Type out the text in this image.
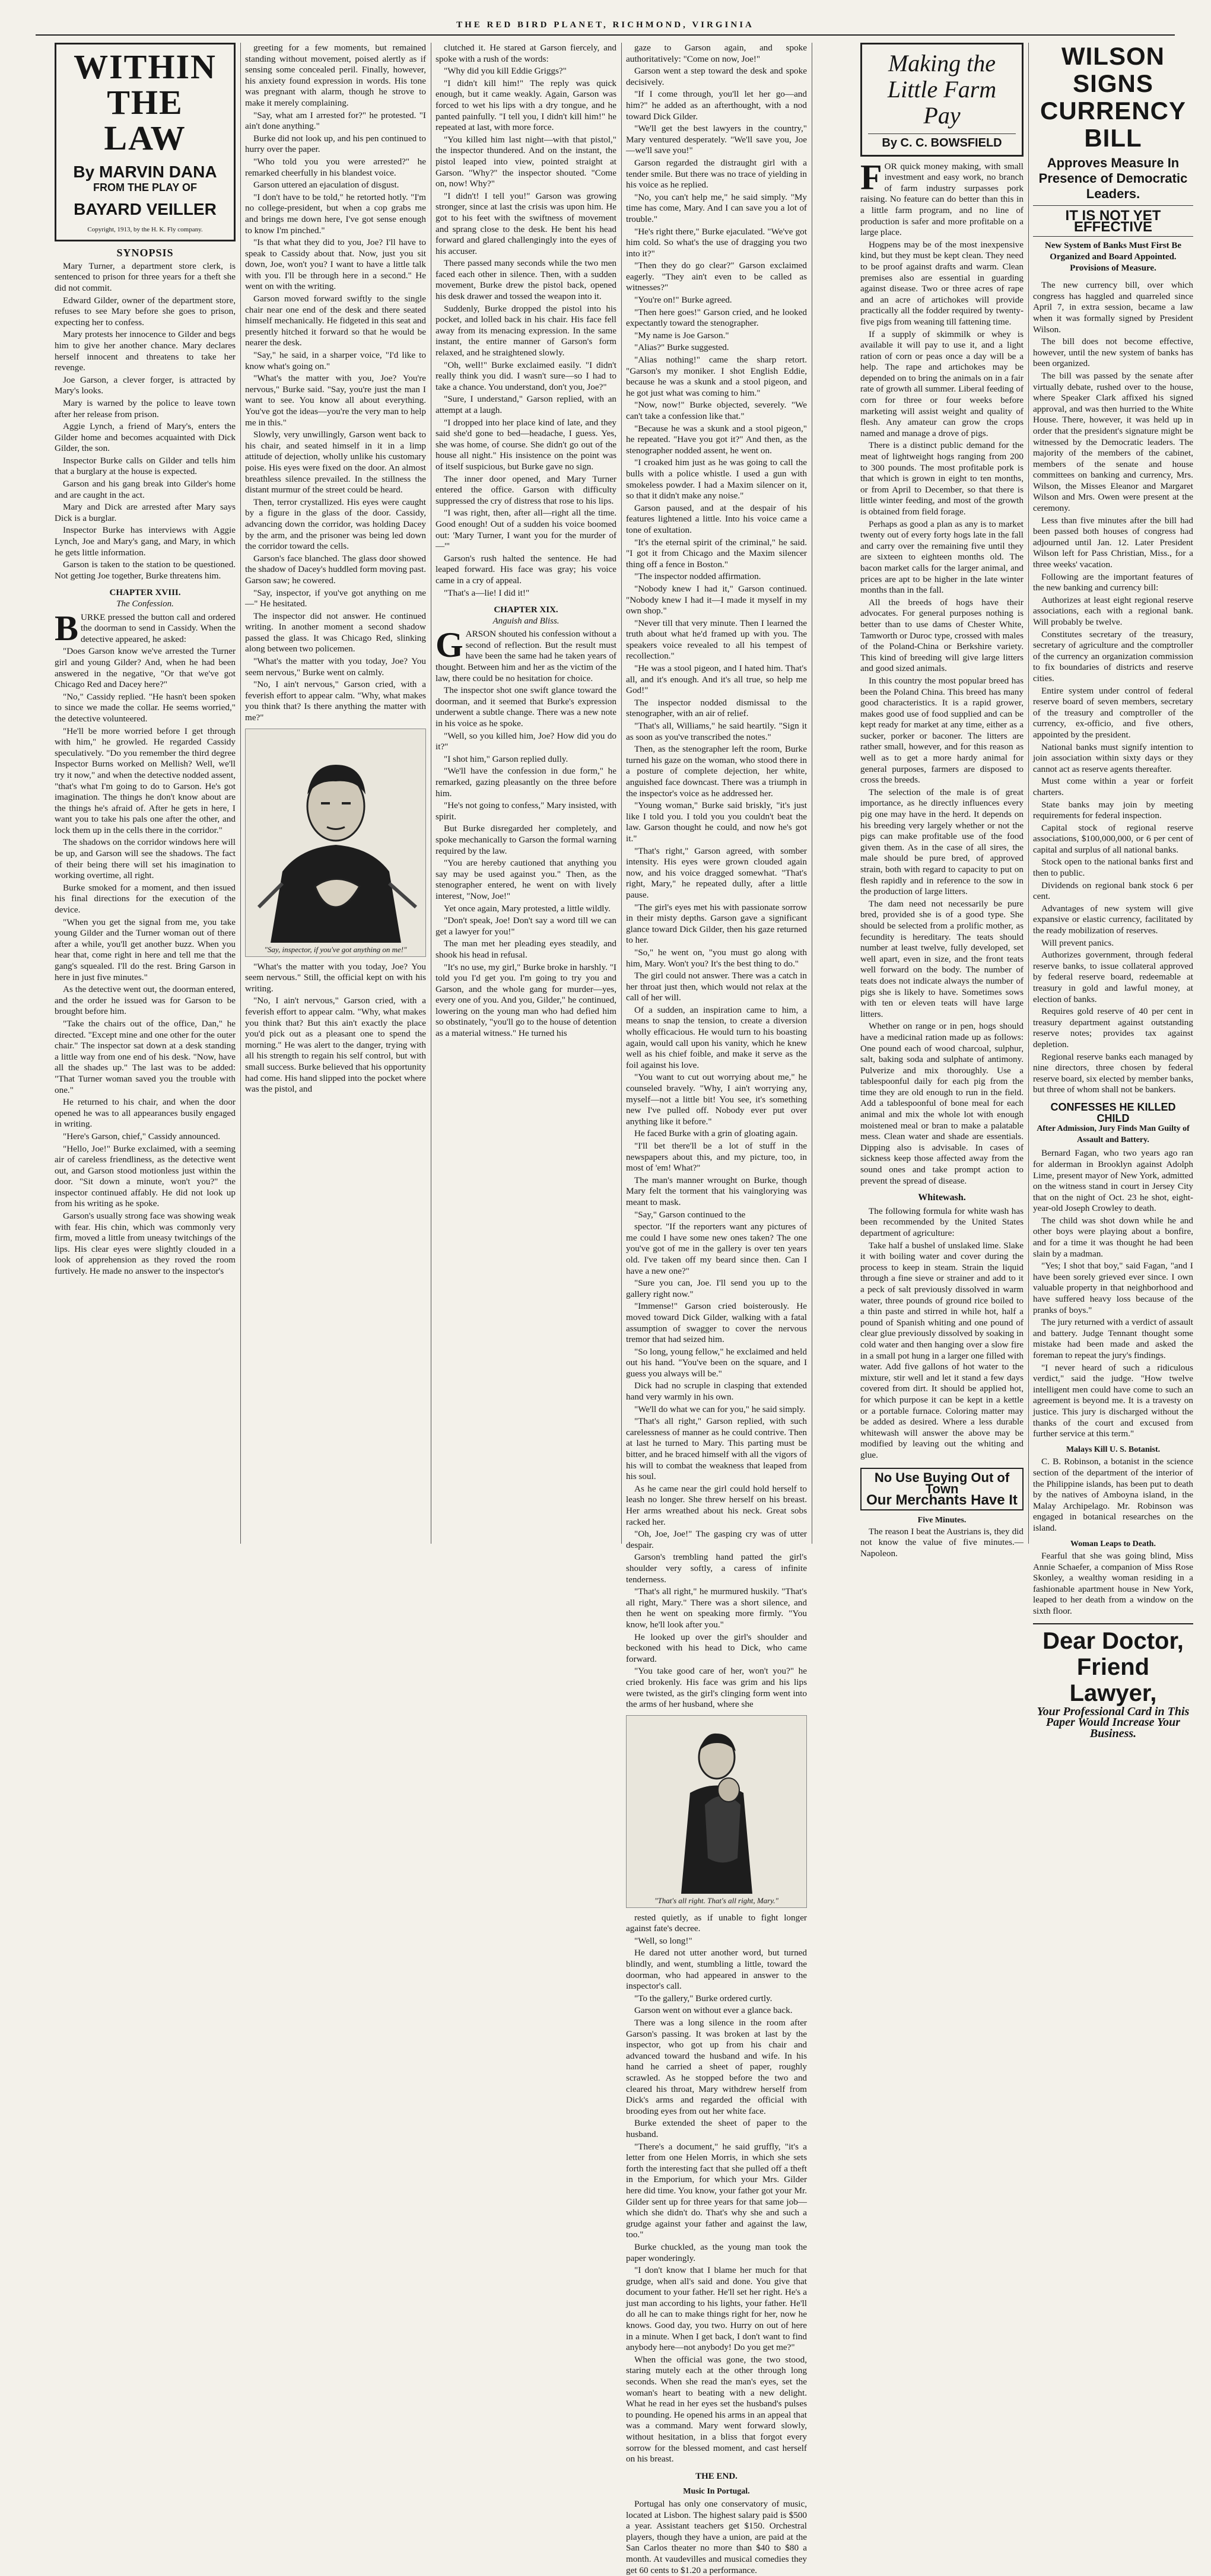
THE RED BIRD PLANET, RICHMOND, VIRGINIA
WITHIN
THE LAW
By MARVIN DANA
FROM THE PLAY OF
BAYARD VEILLER
Copyright, 1913, by the H. K. Fly company.
SYNOPSIS

Mary Turner, a department store clerk, is sentenced to prison for three years for a theft she did not commit.

Edward Gilder, owner of the department store, refuses to see Mary before she goes to prison, expecting her to confess.

Mary protests her innocence to Gilder and begs him to give her another chance. Mary declares herself innocent and threatens to take her revenge.

Joe Garson, a clever forger, is attracted by Mary's looks.

Mary is warned by the police to leave town after her release from prison.

Aggie Lynch, a friend of Mary's, enters the Gilder home and becomes acquainted with Dick Gilder, the son.

Inspector Burke calls on Gilder and tells him that a burglary at the house is expected.

Garson and his gang break into Gilder's home and are caught in the act.

Mary and Dick are arrested after Mary says Dick is a burglar.

Inspector Burke has interviews with Aggie Lynch, Joe and Mary's gang, and Mary, in which he gets little information.

Garson is taken to the station to be questioned. Not getting Joe together, Burke threatens him.

CHAPTER XVIII.
The Confession.

BURKE pressed the button call and ordered the doorman to send in Cassidy. When the detective appeared, he asked:

"Does Garson know we've arrested the Turner girl and young Gilder? And, when he had been answered in the negative, "Or that we've got Chicago Red and Dacey here?"

"No," Cassidy replied. "He hasn't been spoken to since we made the collar. He seems worried," the detective volunteered.

"He'll be more worried before I get through with him," he growled. He regarded Cassidy speculatively. "Do you remember the third degree Inspector Burns worked on Mellish? Well, we'll try it now," and when the detective nodded assent, "that's what I'm going to do to Garson. He's got imagination. The things he don't know about are the things he's afraid of. After he gets in here, I want you to take his pals one after the other, and lock them up in the cells there in the corridor."

The shadows on the corridor windows here will be up, and Garson will see the shadows. The fact of their being there will set his imagination to working overtime, all right.

Burke smoked for a moment, and then issued his final directions for the execution of the device.

"When you get the signal from me, you take young Gilder and the Turner woman out of there after a while, you'll get another buzz. When you hear that, come right in here and tell me that the gang's squealed. I'll do the rest. Bring Garson in here in just five minutes."

As the detective went out, the doorman entered, and the order he issued was for Garson to be brought before him.

"Take the chairs out of the office, Dan," he directed. "Except mine and one other for the outer chair." The inspector sat down at a desk standing a little way from one end of his desk. "Now, have all the shades up." The last was to be added: "That Turner woman saved you the trouble with one."

He returned to his chair, and when the door opened he was to all appearances busily engaged in writing.

"Here's Garson, chief," Cassidy announced.

"Hello, Joe!" Burke exclaimed, with a seeming air of careless friendliness, as the detective went out, and Garson stood motionless just within the door. "Sit down a minute, won't you?" the inspector continued affably. He did not look up from his writing as he spoke.

Garson's usually strong face was showing weak with fear. His chin, which was commonly very firm, moved a little from uneasy twitchings of the lips. His clear eyes were slightly clouded in a look of apprehension as they roved the room furtively. He made no answer to the inspector's

greeting for a few moments, but remained standing without movement, poised alertly as if sensing some concealed peril. Finally, however, his anxiety found expression in words. His tone was pregnant with alarm, though he strove to make it merely complaining.

"Say, what am I arrested for?" he protested. "I ain't done anything."

Burke did not look up, and his pen continued to hurry over the paper.

"Who told you you were arrested?" he remarked cheerfully in his blandest voice.

Garson uttered an ejaculation of disgust.

"I don't have to be told," he retorted hotly. "I'm no college-president, but when a cop grabs me and brings me down here, I've got sense enough to know I'm pinched."

"Is that what they did to you, Joe? I'll have to speak to Cassidy about that. Now, just you sit down, Joe, won't you? I want to have a little talk with you. I'll be through here in a second." He went on with the writing.

Garson moved forward swiftly to the single chair near one end of the desk and there seated himself mechanically. He fidgeted in this seat and presently hitched it forward so that he would be nearer the desk.

"Say," he said, in a sharper voice, "I'd like to know what's going on."

"What's the matter with you, Joe? You're nervous," Burke said. "Say, you're just the man I want to see. You know all about everything. You've got the ideas—you're the very man to help me in this."

Slowly, very unwillingly, Garson went back to his chair, and seated himself in it in a limp attitude of dejection, wholly unlike his customary poise. His eyes were fixed on the door. An almost breathless silence prevailed. In the stillness the distant murmur of the street could be heard.

Then, terror crystallized. His eyes were caught by a figure in the glass of the door. Cassidy, advancing down the corridor, was holding Dacey by the arm, and the prisoner was being led down the corridor toward the cells.

Garson's face blanched. The glass door showed the shadow of Dacey's huddled form moving past. Garson saw; he cowered.

"Say, inspector, if you've got anything on me—" He hesitated.

The inspector did not answer. He continued writing. In another moment a second shadow passed the glass. It was Chicago Red, slinking along between two policemen.

"What's the matter with you today, Joe? You seem nervous," Burke went on calmly.

"No, I ain't nervous," Garson cried, with a feverish effort to appear calm. "Why, what makes you think that? Is there anything the matter with me?"

"Say, inspector, if you've got anything on me!"

"What's the matter with you today, Joe? You seem nervous." Still, the official kept on with his writing.

"No, I ain't nervous," Garson cried, with a feverish effort to appear calm. "Why, what makes you think that? But this ain't exactly the place you'd pick out as a pleasant one to spend the morning." He was alert to the danger, trying with all his strength to regain his self control, but with small success. Burke believed that his opportunity had come. His hand slipped into the pocket where was the pistol, and

clutched it. He stared at Garson fiercely, and spoke with a rush of the words:

"Why did you kill Eddie Griggs?"

"I didn't kill him!" The reply was quick enough, but it came weakly. Again, Garson was forced to wet his lips with a dry tongue, and he panted painfully. "I tell you, I didn't kill him!" he repeated at last, with more force.

"You killed him last night—with that pistol," the inspector thundered. And on the instant, the pistol leaped into view, pointed straight at Garson. "Why?" the inspector shouted. "Come on, now! Why?"

"I didn't! I tell you!" Garson was growing stronger, since at last the crisis was upon him. He got to his feet with the swiftness of movement and sprang close to the desk. He bent his head forward and glared challengingly into the eyes of his accuser.

There passed many seconds while the two men faced each other in silence. Then, with a sudden movement, Burke drew the pistol back, opened his desk drawer and tossed the weapon into it.

Suddenly, Burke dropped the pistol into his pocket, and lolled back in his chair. His face fell away from its menacing expression. In the same instant, the entire manner of Garson's form relaxed, and he straightened slowly.

"Oh, well!" Burke exclaimed easily. "I didn't really think you did. I wasn't sure—so I had to take a chance. You understand, don't you, Joe?"

"Sure, I understand," Garson replied, with an attempt at a laugh.

"I dropped into her place kind of late, and they said she'd gone to bed—headache, I guess. Yes, she was home, of course. She didn't go out of the house all night." His insistence on the point was of itself suspicious, but Burke gave no sign.

The inner door opened, and Mary Turner entered the office. Garson with difficulty suppressed the cry of distress that rose to his lips.

"I was right, then, after all—right all the time. Good enough! Out of a sudden his voice boomed out: 'Mary Turner, I want you for the murder of—'"

Garson's rush halted the sentence. He had leaped forward. His face was gray; his voice came in a cry of appeal.

"That's a—lie! I did it!"

CHAPTER XIX.
Anguish and Bliss.

GARSON shouted his confession without a second of reflection. But the result must have been the same had he taken years of thought. Between him and her as the victim of the law, there could be no hesitation for choice.

The inspector shot one swift glance toward the doorman, and it seemed that Burke's expression underwent a subtle change. There was a new note in his voice as he spoke.

"Well, so you killed him, Joe? How did you do it?"

"I shot him," Garson replied dully.

"We'll have the confession in due form," he remarked, gazing pleasantly on the three before him.

"He's not going to confess," Mary insisted, with spirit.

But Burke disregarded her completely, and spoke mechanically to Garson the formal warning required by the law.

"You are hereby cautioned that anything you say may be used against you." Then, as the stenographer entered, he went on with lively interest, "Now, Joe!"

Yet once again, Mary protested, a little wildly.

"Don't speak, Joe! Don't say a word till we can get a lawyer for you!"

The man met her pleading eyes steadily, and shook his head in refusal.

"It's no use, my girl," Burke broke in harshly. "I told you I'd get you. I'm going to try you and Garson, and the whole gang for murder—yes, every one of you. And you, Gilder," he continued, lowering on the young man who had defied him so obstinately, "you'll go to the house of detention as a material witness." He turned his

gaze to Garson again, and spoke authoritatively: "Come on now, Joe!"

Garson went a step toward the desk and spoke decisively.

"If I come through, you'll let her go—and him?" he added as an afterthought, with a nod toward Dick Gilder.

"We'll get the best lawyers in the country," Mary ventured desperately. "We'll save you, Joe—we'll save you!"

Garson regarded the distraught girl with a tender smile. But there was no trace of yielding in his voice as he replied.

"No, you can't help me," he said simply. "My time has come, Mary. And I can save you a lot of trouble."

"He's right there," Burke ejaculated. "We've got him cold. So what's the use of dragging you two into it?"

"Then they do go clear?" Garson exclaimed eagerly. "They ain't even to be called as witnesses?"

"You're on!" Burke agreed.

"Then here goes!" Garson cried, and he looked expectantly toward the stenographer.

"My name is Joe Garson."

"Alias?" Burke suggested.

"Alias nothing!" came the sharp retort. "Garson's my moniker. I shot English Eddie, because he was a skunk and a stool pigeon, and he got just what was coming to him."

"Now, now!" Burke objected, severely. "We can't take a confession like that."

"Because he was a skunk and a stool pigeon," he repeated. "Have you got it?" And then, as the stenographer nodded assent, he went on.

"I croaked him just as he was going to call the bulls with a police whistle. I used a gun with smokeless powder. I had a Maxim silencer on it, so that it didn't make any noise."

Garson paused, and at the despair of his features lightened a little. Into his voice came a tone of exultation.

"It's the eternal spirit of the criminal," he said. "I got it from Chicago and the Maxim silencer thing off a fence in Boston."

"The inspector nodded affirmation.

"Nobody knew I had it," Garson continued. "Nobody knew I had it—I made it myself in my own shop."

"Never till that very minute. Then I learned the truth about what he'd framed up with you. The speakers voice revealed to all his tempest of recollection."

"He was a stool pigeon, and I hated him. That's all, and it's enough. And it's all true, so help me God!"

The inspector nodded dismissal to the stenographer, with an air of relief.

"That's all, Williams," he said heartily. "Sign it as soon as you've transcribed the notes."

Then, as the stenographer left the room, Burke turned his gaze on the woman, who stood there in a posture of complete dejection, her white, anguished face downcast. There was a triumph in the inspector's voice as he addressed her.

"Young woman," Burke said briskly, "it's just like I told you. I told you you couldn't beat the law. Garson thought he could, and now he's got it."

"That's right," Garson agreed, with somber intensity. His eyes were grown clouded again now, and his voice dragged somewhat. "That's right, Mary," he repeated dully, after a little pause.

"The girl's eyes met his with passionate sorrow in their misty depths. Garson gave a significant glance toward Dick Gilder, then his gaze returned to her.

"So," he went on, "you must go along with him, Mary. Won't you? It's the best thing to do."

The girl could not answer. There was a catch in her throat just then, which would not relax at the call of her will.

Of a sudden, an inspiration came to him, a means to snap the tension, to create a diversion wholly efficacious. He would turn to his boasting again, would call upon his vanity, which he knew well as his chief foible, and make it serve as the foil against his love.

"You want to cut out worrying about me," he counseled bravely. "Why, I ain't worrying any, myself—not a little bit! You see, it's something new I've pulled off. Nobody ever put over anything like it before."

He faced Burke with a grin of gloating again.

"I'll bet there'll be a lot of stuff in the newspapers about this, and my picture, too, in most of 'em! What?"

The man's manner wrought on Burke, though Mary felt the torment that his vainglorying was meant to mask.

"Say," Garson continued to the

spector. "If the reporters want any pictures of me could I have some new ones taken? The one you've got of me in the gallery is over ten years old. I've taken off my beard since then. Can I have a new one?"

"Sure you can, Joe. I'll send you up to the gallery right now."

"Immense!" Garson cried boisterously. He moved toward Dick Gilder, walking with a fatal assumption of swagger to cover the nervous tremor that had seized him.

"So long, young fellow," he exclaimed and held out his hand. "You've been on the square, and I guess you always will be."

Dick had no scruple in clasping that extended hand very warmly in his own.

"We'll do what we can for you," he said simply.

"That's all right," Garson replied, with such carelessness of manner as he could contrive. Then at last he turned to Mary. This parting must be bitter, and he braced himself with all the vigors of his will to combat the weakness that leaped from his soul.

As he came near the girl could hold herself to leash no longer. She threw herself on his breast. Her arms wreathed about his neck. Great sobs racked her.

"Oh, Joe, Joe!" The gasping cry was of utter despair.

Garson's trembling hand patted the girl's shoulder very softly, a caress of infinite tenderness.

"That's all right," he murmured huskily. "That's all right, Mary." There was a short silence, and then he went on speaking more firmly. "You know, he'll look after you."

He looked up over the girl's shoulder and beckoned with his head to Dick, who came forward.

"You take good care of her, won't you?" he cried brokenly. His face was grim and his lips were twisted, as the girl's clinging form went into the arms of her husband, where she

"That's all right. That's all right, Mary."

rested quietly, as if unable to fight longer against fate's decree.

"Well, so long!"

He dared not utter another word, but turned blindly, and went, stumbling a little, toward the doorman, who had appeared in answer to the inspector's call.

"To the gallery," Burke ordered curtly.

Garson went on without ever a glance back.

There was a long silence in the room after Garson's passing. It was broken at last by the inspector, who got up from his chair and advanced toward the husband and wife. In his hand he carried a sheet of paper, roughly scrawled. As he stopped before the two and cleared his throat, Mary withdrew herself from Dick's arms and regarded the official with brooding eyes from out her white face.

Burke extended the sheet of paper to the husband.

"There's a document," he said gruffly, "it's a letter from one Helen Morris, in which she sets forth the interesting fact that she pulled off a theft in the Emporium, for which your Mrs. Gilder here did time. You know, your father got your Mr. Gilder sent up for three years for that same job—which she didn't do. That's why she and such a grudge against your father and against the law, too."

Burke chuckled, as the young man took the paper wonderingly.

"I don't know that I blame her much for that grudge, when all's said and done. You give that document to your father. He'll set her right. He's a just man according to his lights, your father. He'll do all he can to make things right for her, now he knows. Good day, you two. Hurry on out of here in a minute. When I get back, I don't want to find anybody here—not anybody! Do you get me?"

When the official was gone, the two stood, staring mutely each at the other through long seconds. When she read the man's eyes, set the woman's heart to beating with a new delight. What he read in her eyes set the husband's pulses to pounding. He opened his arms in an appeal that was a command. Mary went forward slowly, without hesitation, in a bliss that forgot every sorrow for the blessed moment, and cast herself on his breast.

THE END.
Music In Portugal.

Portugal has only one conservatory of music, located at Lisbon. The highest salary paid is $500 a year. Assistant teachers get $150. Orchestral players, though they have a union, are paid at the San Carlos theater no more than $40 to $80 a month. At vaudevilles and musical comedies they get 60 cents to $1.20 a performance.

Making the
Little Farm Pay
By C. C. BOWSFIELD

FOR quick money making, with small investment and easy work, no branch of farm industry surpasses pork raising. No feature can do better than this in a little farm program, and no line of production is safer and more profitable on a large place.

Hogpens may be of the most inexpensive kind, but they must be kept clean. They need to be proof against drafts and warm. Clean premises also are essential in guarding against disease. Two or three acres of rape and an acre of artichokes will provide practically all the fodder required by twenty-five pigs from weaning till fattening time.

If a supply of skimmilk or whey is available it will pay to use it, and a light ration of corn or peas once a day will be a help. The rape and artichokes may be depended on to bring the animals on in a fair rate of growth all summer. Liberal feeding of corn for three or four weeks before marketing will assist weight and quality of flesh. Any amateur can grow the crops named and manage a drove of pigs.

There is a distinct public demand for the meat of lightweight hogs ranging from 200 to 300 pounds. The most profitable pork is that which is grown in eight to ten months, or from April to December, so that there is little winter feeding, and most of the growth is obtained from field forage.

Perhaps as good a plan as any is to market twenty out of every forty hogs late in the fall and carry over the remaining five until they are sixteen to eighteen months old. The bacon market calls for the larger animal, and prices are apt to be higher in the late winter months than in the fall.

All the breeds of hogs have their advocates. For general purposes nothing is better than to use dams of Chester White, Tamworth or Duroc type, crossed with males of the Poland-China or Berkshire variety. This kind of breeding will give large litters and good sized animals.

In this country the most popular breed has been the Poland China. This breed has many good characteristics. It is a rapid grower, makes good use of food supplied and can be kept ready for market at any time, either as a sucker, porker or baconer. The litters are rather small, however, and for this reason as well as to get a more hardy animal for general purposes, farmers are disposed to cross the breeds.

The selection of the male is of great importance, as he directly influences every pig one may have in the herd. It depends on his breeding very largely whether or not the pigs can make profitable use of the food given them. As in the case of all sires, the male should be pure bred, of approved strain, both with regard to capacity to put on flesh rapidly and in reference to the sow in the production of large litters.

The dam need not necessarily be pure bred, provided she is of a good type. She should be selected from a prolific mother, as fecundity is hereditary. The teats should number at least twelve, fully developed, set well apart, even in size, and the front teats well forward on the body. The number of teats does not indicate always the number of pigs she is likely to have. Sometimes sows with ten or eleven teats will have large litters.

Whether on range or in pen, hogs should have a medicinal ration made up as follows: One pound each of wood charcoal, sulphur, salt, baking soda and sulphate of antimony. Pulverize and mix thoroughly. Use a tablespoonful daily for each pig from the time they are old enough to run in the field. Add a tablespoonful of bone meal for each animal and mix the whole lot with enough moistened meal or bran to make a palatable mess. Clean water and shade are essentials. Dipping also is advisable. In cases of sickness keep those affected away from the sound ones and take prompt action to prevent the spread of disease.

Whitewash.

The following formula for white wash has been recommended by the United States department of agriculture:

Take half a bushel of unslaked lime. Slake it with boiling water and cover during the process to keep in steam. Strain the liquid through a fine sieve or strainer and add to it a peck of salt previously dissolved in warm water, three pounds of ground rice boiled to a thin paste and stirred in while hot, half a pound of Spanish whiting and one pound of clear glue previously dissolved by soaking in cold water and then hanging over a slow fire in a small pot hung in a larger one filled with water. Add five gallons of hot water to the mixture, stir well and let it stand a few days covered from dirt. It should be applied hot, for which purpose it can be kept in a kettle or a portable furnace. Coloring matter may be added as desired. Where a less durable whitewash will answer the above may be modified by leaving out the whiting and glue.

No Use Buying Out of Town
Our Merchants Have It
Five Minutes.

The reason I beat the Austrians is, they did not know the value of five minutes.—Napoleon.

WILSON SIGNS CURRENCY BILL
Approves Measure In Presence of Democratic Leaders.
IT IS NOT YET EFFECTIVE
New System of Banks Must First Be Organized and Board Appointed. Provisions of Measure.

The new currency bill, over which congress has haggled and quarreled since April 7, in extra session, became a law when it was formally signed by President Wilson.

The bill does not become effective, however, until the new system of banks has been organized.

The bill was passed by the senate after virtually debate, rushed over to the house, where Speaker Clark affixed his signed approval, and was then hurried to the White House. There, however, it was held up in order that the president's signature might be witnessed by the Democratic leaders. The majority of the members of the cabinet, members of the senate and house committees on banking and currency, Mrs. Wilson, the Misses Eleanor and Margaret Wilson and Mrs. Owen were present at the ceremony.

Less than five minutes after the bill had been passed both houses of congress had adjourned until Jan. 12. Later President Wilson left for Pass Christian, Miss., for a three weeks' vacation.

Following are the important features of the new banking and currency bill:

Authorizes at least eight regional reserve associations, each with a regional bank. Will probably be twelve.

Constitutes secretary of the treasury, secretary of agriculture and the comptroller of the currency an organization commission to fix boundaries of districts and reserve cities.

Entire system under control of federal reserve board of seven members, secretary of the treasury and comptroller of the currency, ex-officio, and five others, appointed by the president.

National banks must signify intention to join association within sixty days or they cannot act as reserve agents thereafter.

Must come within a year or forfeit charters.

State banks may join by meeting requirements for federal inspection.

Capital stock of regional reserve associations, $100,000,000, or 6 per cent of capital and surplus of all national banks.

Stock open to the national banks first and then to public.

Dividends on regional bank stock 6 per cent.

Advantages of new system will give expansive or elastic currency, facilitated by the ready mobilization of reserves.

Will prevent panics.

Authorizes government, through federal reserve banks, to issue collateral approved by federal reserve board, redeemable at treasury in gold and lawful money, at election of banks.

Requires gold reserve of 40 per cent in treasury department against outstanding reserve notes; provides tax against depletion.

Regional reserve banks each managed by nine directors, three chosen by federal reserve board, six elected by member banks, but three of whom shall not be bankers.

CONFESSES HE KILLED CHILD
After Admission, Jury Finds Man Guilty of Assault and Battery.

Bernard Fagan, who two years ago ran for alderman in Brooklyn against Adolph Lime, present mayor of New York, admitted on the witness stand in court in Jersey City that on the night of Oct. 23 he shot, eight-year-old Joseph Crowley to death.

The child was shot down while he and other boys were playing about a bonfire, and for a time it was thought he had been slain by a madman.

"Yes; I shot that boy," said Fagan, "and I have been sorely grieved ever since. I own valuable property in that neighborhood and have suffered heavy loss because of the pranks of boys."

The jury returned with a verdict of assault and battery. Judge Tennant thought some mistake had been made and asked the foreman to repeat the jury's findings.

"I never heard of such a ridiculous verdict," said the judge. "How twelve intelligent men could have come to such an agreement is beyond me. It is a travesty on justice. This jury is discharged without the thanks of the court and excused from further service at this term."

Malays Kill U. S. Botanist.

C. B. Robinson, a botanist in the science section of the department of the interior of the Philippine islands, has been put to death by the natives of Amboyna island, in the Malay Archipelago. Mr. Robinson was engaged in botanical researches on the island.

Woman Leaps to Death.

Fearful that she was going blind, Miss Annie Schaefer, a companion of Miss Rose Skonley, a wealthy woman residing in a fashionable apartment house in New York, leaped to her death from a window on the sixth floor.

Dear Doctor,
Friend Lawyer,
Your Professional Card in This Paper Would Increase Your Business.
